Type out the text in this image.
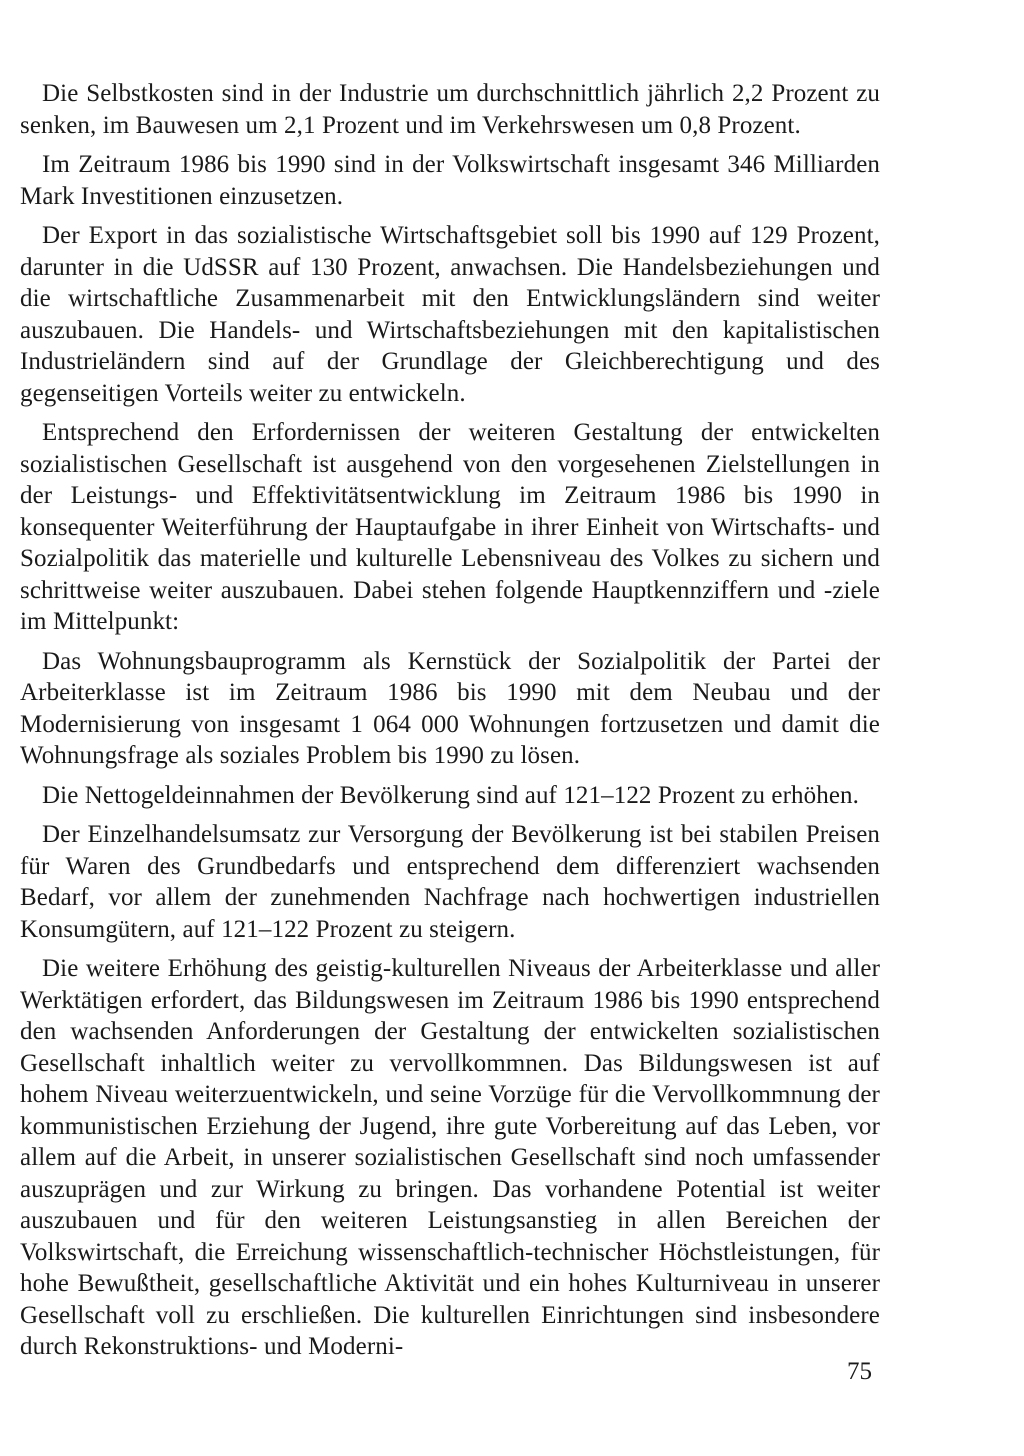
Die Selbstkosten sind in der Industrie um durchschnittlich jährlich 2,2 Prozent zu senken, im Bauwesen um 2,1 Prozent und im Verkehrswesen um 0,8 Prozent.

Im Zeitraum 1986 bis 1990 sind in der Volkswirtschaft insgesamt 346 Milliarden Mark Investitionen einzusetzen.

Der Export in das sozialistische Wirtschaftsgebiet soll bis 1990 auf 129 Prozent, darunter in die UdSSR auf 130 Prozent, anwachsen. Die Handelsbeziehungen und die wirtschaftliche Zusammenarbeit mit den Entwicklungsländern sind weiter auszubauen. Die Handels- und Wirtschaftsbeziehungen mit den kapitalistischen Industrieländern sind auf der Grundlage der Gleichberechtigung und des gegenseitigen Vorteils weiter zu entwickeln.

Entsprechend den Erfordernissen der weiteren Gestaltung der entwickelten sozialistischen Gesellschaft ist ausgehend von den vorgesehenen Zielstellungen in der Leistungs- und Effektivitätsentwicklung im Zeitraum 1986 bis 1990 in konsequenter Weiterführung der Hauptaufgabe in ihrer Einheit von Wirtschafts- und Sozialpolitik das materielle und kulturelle Lebensniveau des Volkes zu sichern und schrittweise weiter auszubauen. Dabei stehen folgende Hauptkennziffern und -ziele im Mittelpunkt:

Das Wohnungsbauprogramm als Kernstück der Sozialpolitik der Partei der Arbeiterklasse ist im Zeitraum 1986 bis 1990 mit dem Neubau und der Modernisierung von insgesamt 1 064 000 Wohnungen fortzusetzen und damit die Wohnungsfrage als soziales Problem bis 1990 zu lösen.

Die Nettogeldeinnahmen der Bevölkerung sind auf 121–122 Prozent zu erhöhen.

Der Einzelhandelsumsatz zur Versorgung der Bevölkerung ist bei stabilen Preisen für Waren des Grundbedarfs und entsprechend dem differenziert wachsenden Bedarf, vor allem der zunehmenden Nachfrage nach hochwertigen industriellen Konsumgütern, auf 121–122 Prozent zu steigern.

Die weitere Erhöhung des geistig-kulturellen Niveaus der Arbeiterklasse und aller Werktätigen erfordert, das Bildungswesen im Zeitraum 1986 bis 1990 entsprechend den wachsenden Anforderungen der Gestaltung der entwickelten sozialistischen Gesellschaft inhaltlich weiter zu vervollkommnen. Das Bildungswesen ist auf hohem Niveau weiterzuentwickeln, und seine Vorzüge für die Vervollkommnung der kommunistischen Erziehung der Jugend, ihre gute Vorbereitung auf das Leben, vor allem auf die Arbeit, in unserer sozialistischen Gesellschaft sind noch umfassender auszuprägen und zur Wirkung zu bringen. Das vorhandene Potential ist weiter auszubauen und für den weiteren Leistungsanstieg in allen Bereichen der Volkswirtschaft, die Erreichung wissenschaftlich-technischer Höchstleistungen, für hohe Bewußtheit, gesellschaftliche Aktivität und ein hohes Kulturniveau in unserer Gesellschaft voll zu erschließen. Die kulturellen Einrichtungen sind insbesondere durch Rekonstruktions- und Moderni-

75
